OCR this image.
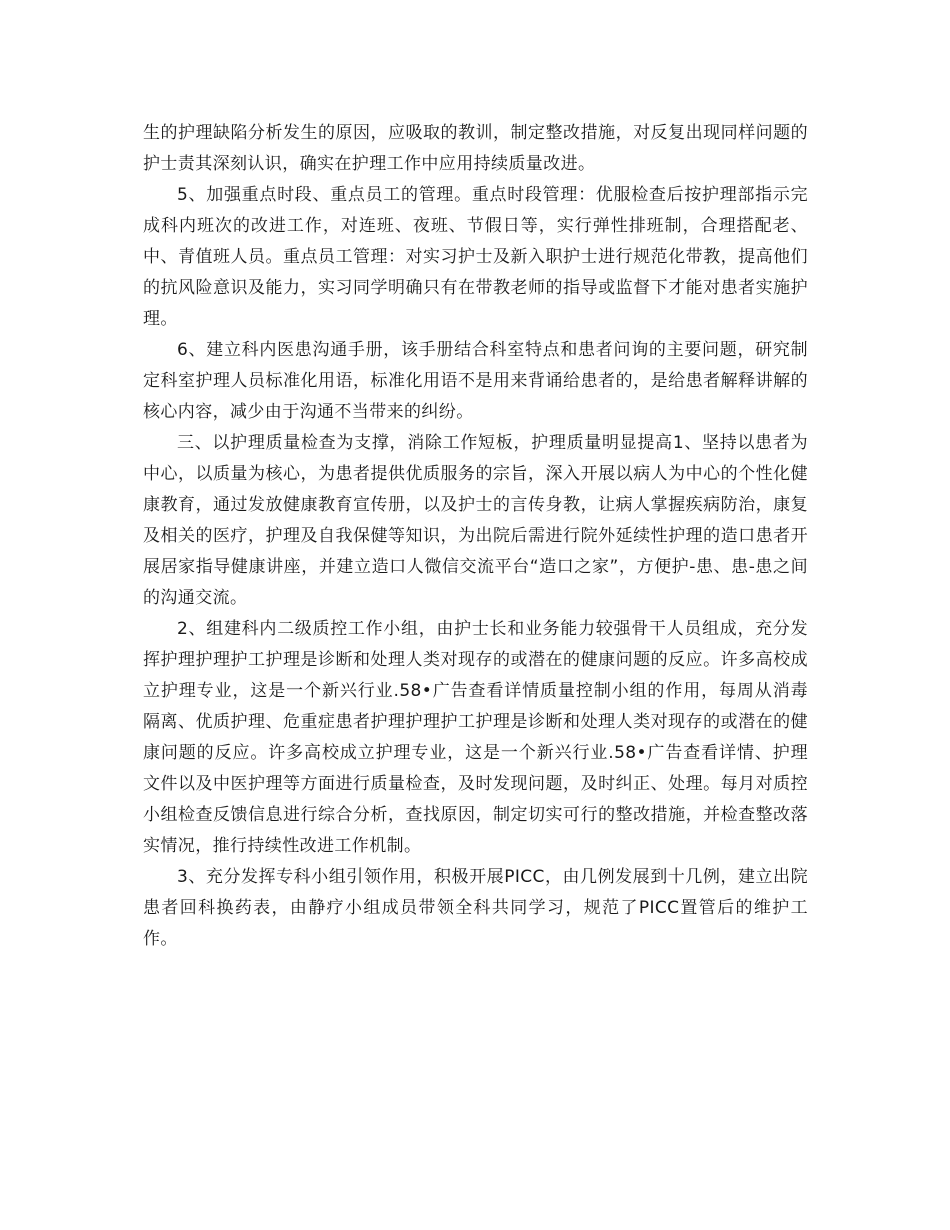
生的护理缺陷分析发生的原因，应吸取的教训，制定整改措施，对反复出现同样问题的护士责其深刻认识，确实在护理工作中应用持续质量改进。

5、加强重点时段、重点员工的管理。重点时段管理：优服检查后按护理部指示完成科内班次的改进工作，对连班、夜班、节假日等，实行弹性排班制，合理搭配老、中、青值班人员。重点员工管理：对实习护士及新入职护士进行规范化带教，提高他们的抗风险意识及能力，实习同学明确只有在带教老师的指导或监督下才能对患者实施护理。

6、建立科内医患沟通手册，该手册结合科室特点和患者问询的主要问题，研究制定科室护理人员标准化用语，标准化用语不是用来背诵给患者的，是给患者解释讲解的核心内容，减少由于沟通不当带来的纠纷。

三、以护理质量检查为支撑，消除工作短板，护理质量明显提高1、坚持以患者为中心，以质量为核心，为患者提供优质服务的宗旨，深入开展以病人为中心的个性化健康教育，通过发放健康教育宣传册，以及护士的言传身教，让病人掌握疾病防治，康复及相关的医疗，护理及自我保健等知识，为出院后需进行院外延续性护理的造口患者开展居家指导健康讲座，并建立造口人微信交流平台“造口之家”，方便护-患、患-患之间的沟通交流。

2、组建科内二级质控工作小组，由护士长和业务能力较强骨干人员组成，充分发挥护理护理护工护理是诊断和处理人类对现存的或潜在的健康问题的反应。许多高校成立护理专业，这是一个新兴行业.58•广告查看详情质量控制小组的作用，每周从消毒隔离、优质护理、危重症患者护理护理护工护理是诊断和处理人类对现存的或潜在的健康问题的反应。许多高校成立护理专业，这是一个新兴行业.58•广告查看详情、护理文件以及中医护理等方面进行质量检查，及时发现问题，及时纠正、处理。每月对质控小组检查反馈信息进行综合分析，查找原因，制定切实可行的整改措施，并检查整改落实情况，推行持续性改进工作机制。

3、充分发挥专科小组引领作用，积极开展PICC，由几例发展到十几例，建立出院患者回科换药表，由静疗小组成员带领全科共同学习，规范了PICC置管后的维护工作。
